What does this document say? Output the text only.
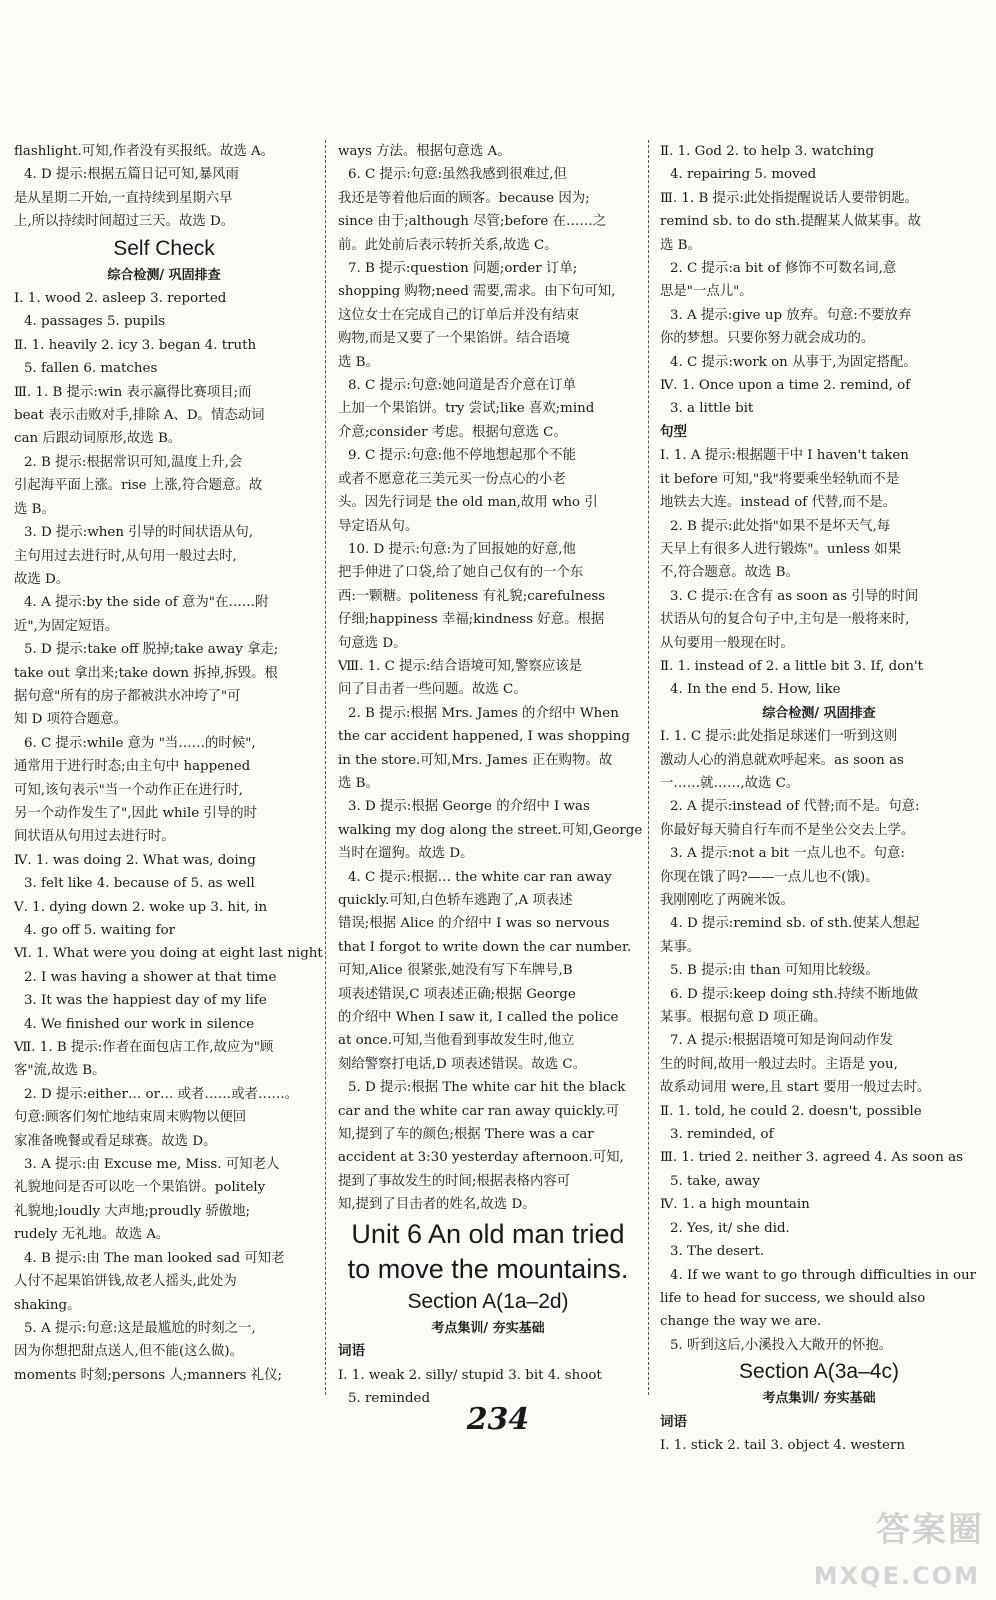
flashlight.可知,作者没有买报纸。故选 A。
4. D 提示:根据五篇日记可知,暴风雨
是从星期二开始,一直持续到星期六早
上,所以持续时间超过三天。故选 D。
Self Check
综合检测/ 巩固排查
Ⅰ. 1. wood 2. asleep 3. reported
4. passages 5. pupils
Ⅱ. 1. heavily 2. icy 3. began 4. truth
5. fallen 6. matches
Ⅲ. 1. B 提示:win 表示赢得比赛项目;而
beat 表示击败对手,排除 A、D。情态动词
can 后跟动词原形,故选 B。
2. B 提示:根据常识可知,温度上升,会
引起海平面上涨。rise 上涨,符合题意。故
选 B。
3. D 提示:when 引导的时间状语从句,
主句用过去进行时,从句用一般过去时,
故选 D。
4. A 提示:by the side of 意为"在……附
近",为固定短语。
5. D 提示:take off 脱掉;take away 拿走;
take out 拿出来;take down 拆掉,拆毁。根
据句意"所有的房子都被洪水冲垮了"可
知 D 项符合题意。
6. C 提示:while 意为 "当……的时候",
通常用于进行时态;由主句中 happened
可知,该句表示"当一个动作正在进行时,
另一个动作发生了",因此 while 引导的时
间状语从句用过去进行时。
Ⅳ. 1. was doing 2. What was, doing
3. felt like 4. because of 5. as well
Ⅴ. 1. dying down 2. woke up 3. hit, in
4. go off 5. waiting for
Ⅵ. 1. What were you doing at eight last night
2. I was having a shower at that time
3. It was the happiest day of my life
4. We finished our work in silence
Ⅶ. 1. B 提示:作者在面包店工作,故应为"顾
客"流,故选 B。
2. D 提示:either… or… 或者……或者……。
句意:顾客们匆忙地结束周末购物以便回
家准备晚餐或看足球赛。故选 D。
3. A 提示:由 Excuse me, Miss. 可知老人
礼貌地问是否可以吃一个果馅饼。politely
礼貌地;loudly 大声地;proudly 骄傲地;
rudely 无礼地。故选 A。
4. B 提示:由 The man looked sad 可知老
人付不起果馅饼钱,故老人摇头,此处为
shaking。
5. A 提示:句意:这是最尴尬的时刻之一,
因为你想把甜点送人,但不能(这么做)。
moments 时刻;persons 人;manners 礼仪;
ways 方法。根据句意选 A。
6. C 提示:句意:虽然我感到很难过,但
我还是等着他后面的顾客。because 因为;
since 由于;although 尽管;before 在……之
前。此处前后表示转折关系,故选 C。
7. B 提示:question 问题;order 订单;
shopping 购物;need 需要,需求。由下句可知,
这位女士在完成自己的订单后并没有结束
购物,而是又要了一个果馅饼。结合语境
选 B。
8. C 提示:句意:她问道是否介意在订单
上加一个果馅饼。try 尝试;like 喜欢;mind
介意;consider 考虑。根据句意选 C。
9. C 提示:句意:他不停地想起那个不能
或者不愿意花三美元买一份点心的小老
头。因先行词是 the old man,故用 who 引
导定语从句。
10. D 提示:句意:为了回报她的好意,他
把手伸进了口袋,给了她自己仅有的一个东
西:一颗糖。politeness 有礼貌;carefulness
仔细;happiness 幸福;kindness 好意。根据
句意选 D。
Ⅷ. 1. C 提示:结合语境可知,警察应该是
问了目击者一些问题。故选 C。
2. B 提示:根据 Mrs. James 的介绍中 When
the car accident happened, I was shopping
in the store.可知,Mrs. James 正在购物。故
选 B。
3. D 提示:根据 George 的介绍中 I was
walking my dog along the street.可知,George
当时在遛狗。故选 D。
4. C 提示:根据… the white car ran away
quickly.可知,白色轿车逃跑了,A 项表述
错误;根据 Alice 的介绍中 I was so nervous
that I forgot to write down the car number.
可知,Alice 很紧张,她没有写下车牌号,B
项表述错误,C 项表述正确;根据 George
的介绍中 When I saw it, I called the police
at once.可知,当他看到事故发生时,他立
刻给警察打电话,D 项表述错误。故选 C。
5. D 提示:根据 The white car hit the black
car and the white car ran away quickly.可
知,提到了车的颜色;根据 There was a car
accident at 3:30 yesterday afternoon.可知,
提到了事故发生的时间;根据表格内容可
知,提到了目击者的姓名,故选 D。
Unit 6 An old man tried
to move the mountains.
Section A(1a–2d)
考点集训/ 夯实基础
词语
Ⅰ. 1. weak 2. silly/ stupid 3. bit 4. shoot
5. reminded
Ⅱ. 1. God 2. to help 3. watching
4. repairing 5. moved
Ⅲ. 1. B 提示:此处指提醒说话人要带钥匙。
remind sb. to do sth.提醒某人做某事。故
选 B。
2. C 提示:a bit of 修饰不可数名词,意
思是"一点儿"。
3. A 提示:give up 放弃。句意:不要放弃
你的梦想。只要你努力就会成功的。
4. C 提示:work on 从事于,为固定搭配。
Ⅳ. 1. Once upon a time 2. remind, of
3. a little bit
句型
Ⅰ. 1. A 提示:根据题干中 I haven't taken
it before 可知,"我"将要乘坐轻轨而不是
地铁去大连。instead of 代替,而不是。
2. B 提示:此处指"如果不是坏天气,每
天早上有很多人进行锻炼"。unless 如果
不,符合题意。故选 B。
3. C 提示:在含有 as soon as 引导的时间
状语从句的复合句子中,主句是一般将来时,
从句要用一般现在时。
Ⅱ. 1. instead of 2. a little bit 3. If, don't
4. In the end 5. How, like
综合检测/ 巩固排查
Ⅰ. 1. C 提示:此处指足球迷们一听到这则
激动人心的消息就欢呼起来。as soon as
一……就……,故选 C。
2. A 提示:instead of 代替;而不是。句意:
你最好每天骑自行车而不是坐公交去上学。
3. A 提示:not a bit 一点儿也不。句意:
你现在饿了吗?——一点儿也不(饿)。
我刚刚吃了两碗米饭。
4. D 提示:remind sb. of sth.使某人想起
某事。
5. B 提示:由 than 可知用比较级。
6. D 提示:keep doing sth.持续不断地做
某事。根据句意 D 项正确。
7. A 提示:根据语境可知是询问动作发
生的时间,故用一般过去时。主语是 you,
故系动词用 were,且 start 要用一般过去时。
Ⅱ. 1. told, he could 2. doesn't, possible
3. reminded, of
Ⅲ. 1. tried 2. neither 3. agreed 4. As soon as
5. take, away
Ⅳ. 1. a high mountain
2. Yes, it/ she did.
3. The desert.
4. If we want to go through difficulties in our
life to head for success, we should also
change the way we are.
5. 听到这后,小溪投入大敞开的怀抱。
Section A(3a–4c)
考点集训/ 夯实基础
词语
Ⅰ. 1. stick 2. tail 3. object 4. western
234
答案圈
MXQE.COM
